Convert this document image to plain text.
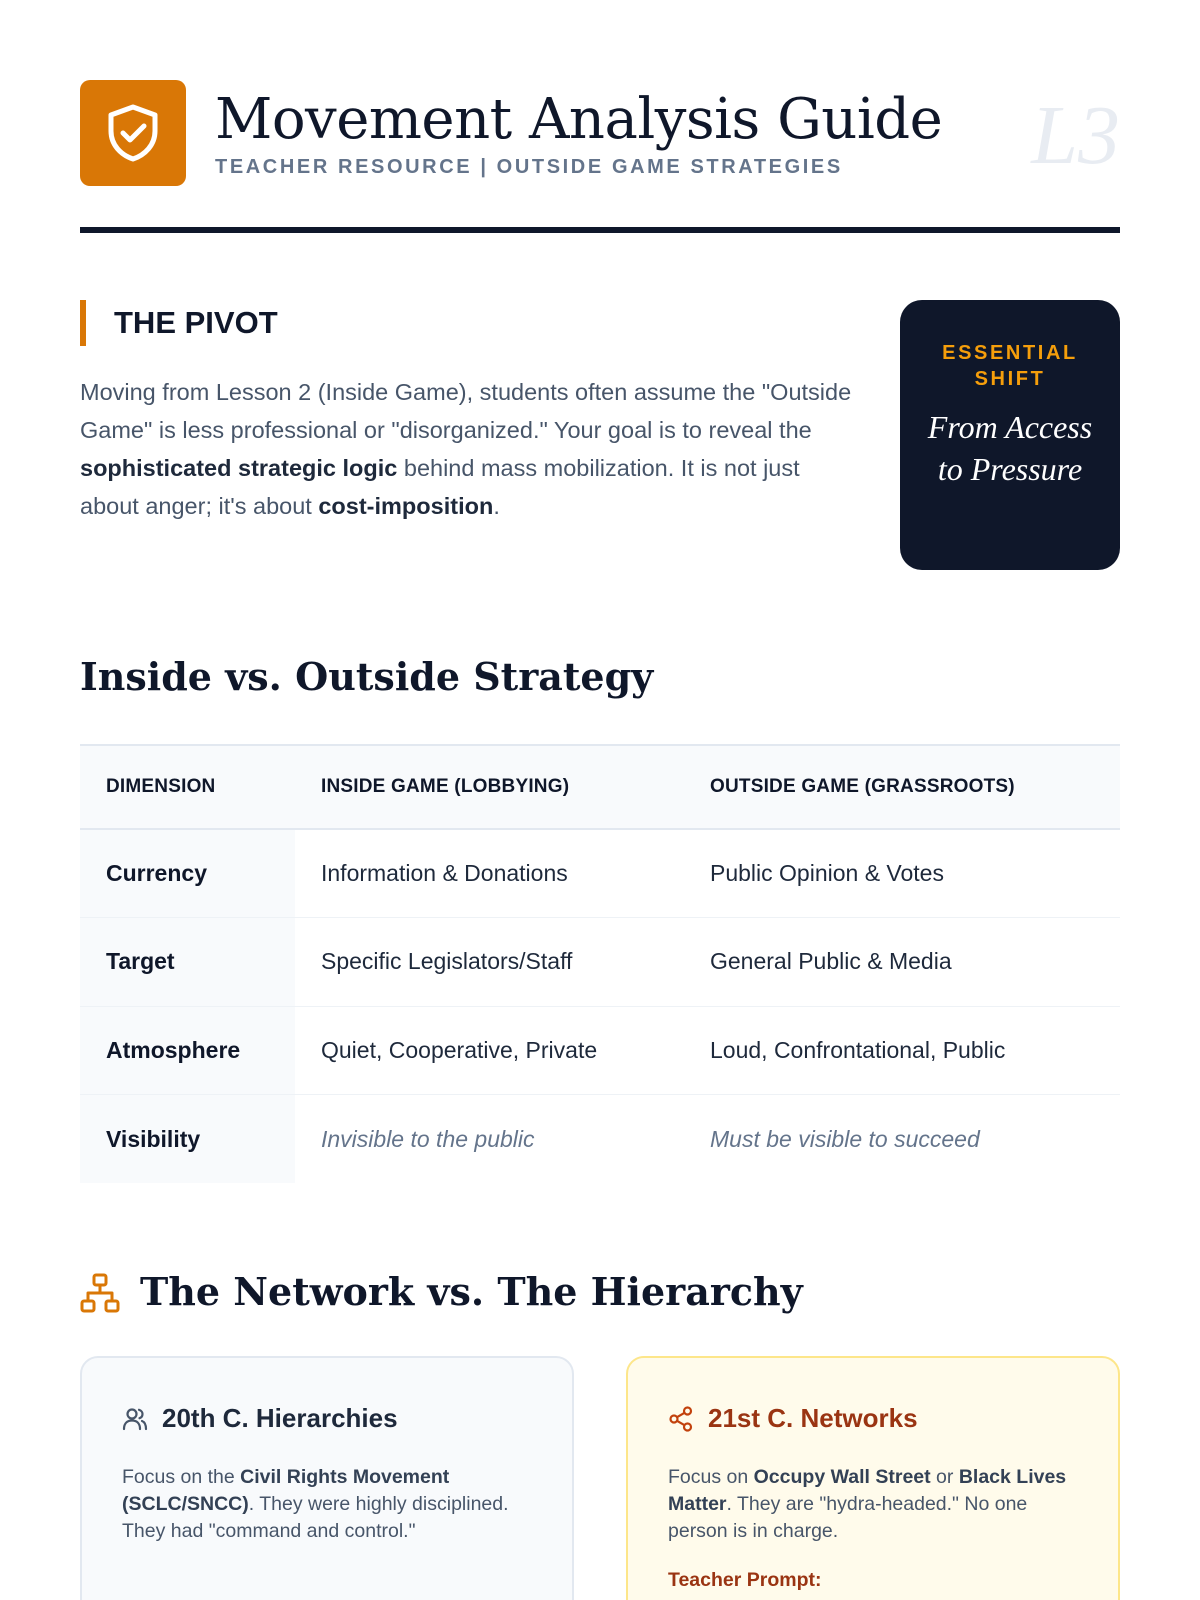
Movement Analysis Guide
TEACHER RESOURCE | OUTSIDE GAME STRATEGIES L3
THE PIVOT

Moving from Lesson 2 (Inside Game), students often assume the "Outside Game" is less professional or "disorganized." Your goal is to reveal the sophisticated strategic logic behind mass mobilization. It is not just about anger; it's about cost-imposition.

ESSENTIAL SHIFT
From Access to Pressure
Inside vs. Outside Strategy
DIMENSION	INSIDE GAME (LOBBYING)	OUTSIDE GAME (GRASSROOTS)
Currency	Information & Donations	Public Opinion & Votes
Target	Specific Legislators/Staff	General Public & Media
Atmosphere	Quiet, Cooperative, Private	Loud, Confrontational, Public
Visibility	Invisible to the public	Must be visible to succeed
The Network vs. The Hierarchy
20th C. Hierarchies

Focus on the Civil Rights Movement (SCLC/SNCC). They were highly disciplined. They had "command and control."

21st C. Networks

Focus on Occupy Wall Street or Black Lives Matter. They are "hydra-headed." No one person is in charge.

Teacher Prompt:
